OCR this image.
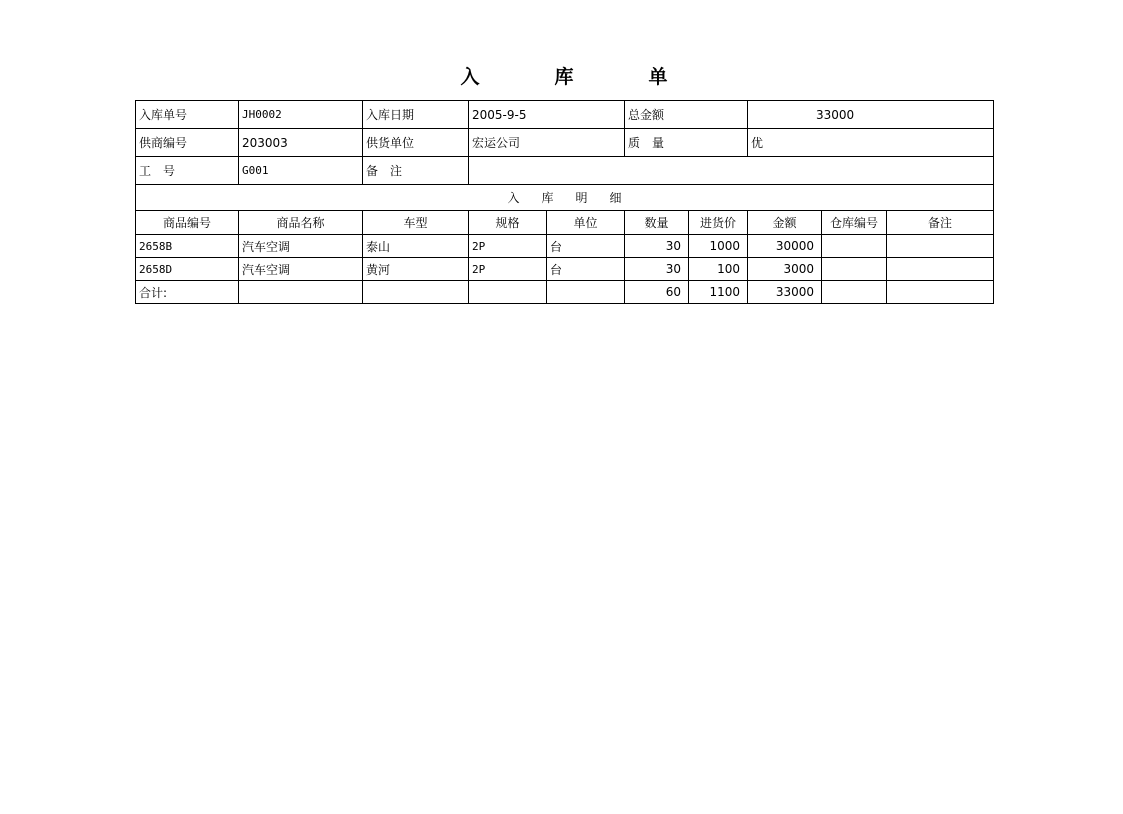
入　库　单
入库单号	JH0002	入库日期	2005-9-5		总金额		33000		
供商编号	203003	供货单位	宏运公司		质　量		优		
工　号	G001	备　注							
入库明细									
商品编号	商品名称	车型	规格	单位	数量	进货价	金额	仓库编号	备注
2658B	汽车空调	泰山	2P	台	30	1000	30000		
2658D	汽车空调	黄河	2P	台	30	100	3000		
合计:					60	1100	33000		
